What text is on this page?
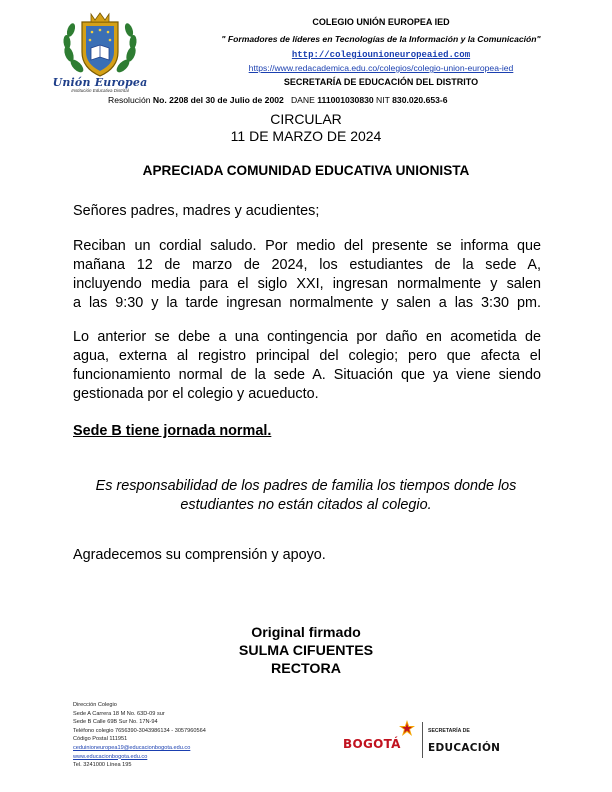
Unión Europea
Institución Educativa Distrital
COLEGIO UNIÓN EUROPEA IED
" Formadores de líderes en Tecnologías de la Información y la Comunicación"
http://colegiounioneuropeaied.com
https://www.redacademica.edu.co/colegios/colegio-union-europea-ied
SECRETARÍA DE EDUCACIÓN DEL DISTRITO
Resolución No. 2208 del 30 de Julio de 2002 DANE 111001030830 NIT 830.020.653-6
CIRCULAR
11 DE MARZO DE 2024
APRECIADA COMUNIDAD EDUCATIVA UNIONISTA
Señores padres, madres y acudientes;
Reciban un cordial saludo. Por medio del presente se informa que
mañana 12 de marzo de 2024, los estudiantes de la sede A,
incluyendo media para el siglo XXI, ingresan normalmente y salen
a las 9:30 y la tarde ingresan normalmente y salen a las 3:30 pm.
Lo anterior se debe a una contingencia por daño en acometida de
agua, externa al registro principal del colegio; pero que afecta el
funcionamiento normal de la sede A. Situación que ya viene siendo
gestionada por el colegio y acueducto.
Sede B tiene jornada normal.
Es responsabilidad de los padres de familia los tiempos donde los
estudiantes no están citados al colegio.
Agradecemos su comprensión y apoyo.
Original firmado
SULMA CIFUENTES
RECTORA
Dirección Colegio
Sede A Carrera 18 M No. 63D-09 sur
Sede B Calle 69B Sur No. 17N-94
Teléfono colegio 7656390-3043986134 - 3057960564
Código Postal 111951
ceduinioneuropea19@educacionbogota.edu.co
www.educacionbogota.edu.co
Tel. 3241000 Línea 195
BOGOTÁ
SECRETARÍA DE
EDUCACIÓN
